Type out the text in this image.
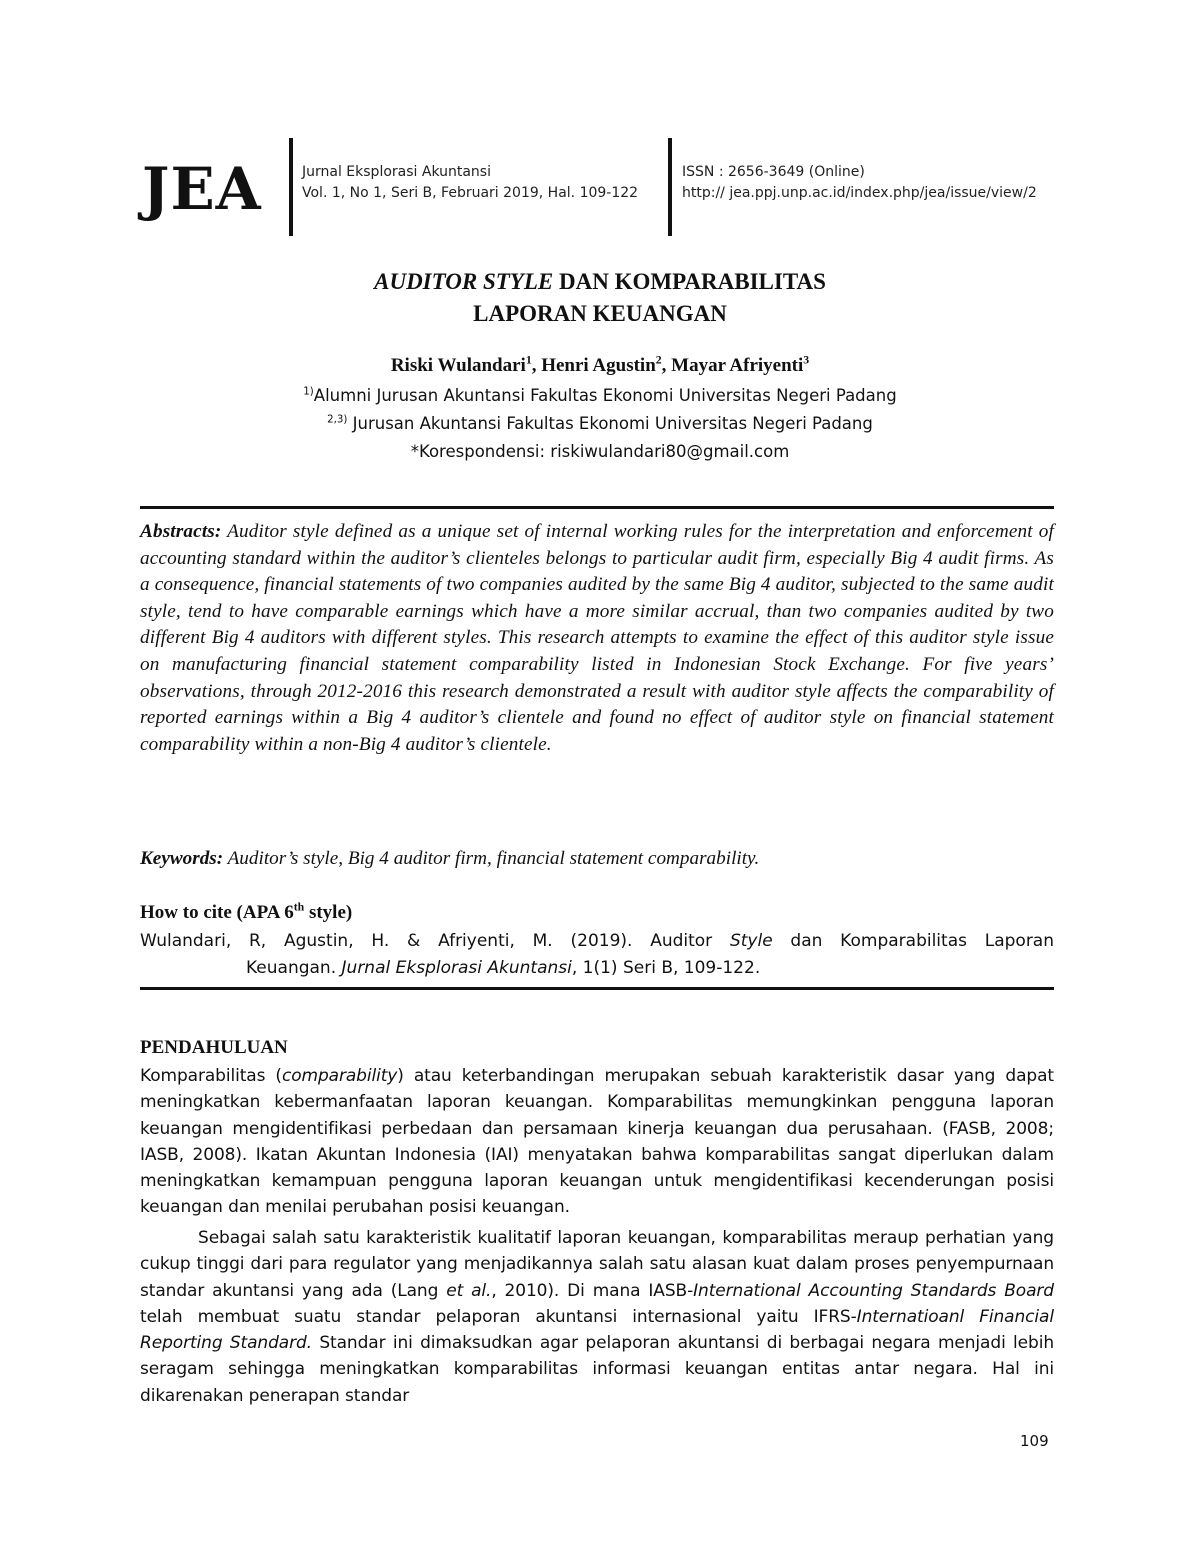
JEA	Jurnal Eksplorasi Akuntansi
Vol. 1, No 1, Seri B, Februari 2019, Hal. 109-122
ISSN : 2656-3649 (Online)
http:// jea.ppj.unp.ac.id/index.php/jea/issue/view/2
AUDITOR STYLE DAN KOMPARABILITAS
LAPORAN KEUANGAN
Riski Wulandari$^1$, Henri Agustin$^2$, Mayar Afriyenti$^3$
$^{1)}$Alumni Jurusan Akuntansi Fakultas Ekonomi Universitas Negeri Padang
$^{2,3)}$ Jurusan Akuntansi Fakultas Ekonomi Universitas Negeri Padang
*Korespondensi: riskiwulandari80@gmail.com
Abstracts: Auditor style defined as a unique set of internal working rules for the interpretation and enforcement of accounting standard within the auditor’s clienteles belongs to particular audit firm, especially Big 4 audit firms. As a consequence, financial statements of two companies audited by the same Big 4 auditor, subjected to the same audit style, tend to have comparable earnings which have a more similar accrual, than two companies audited by two different Big 4 auditors with different styles. This research attempts to examine the effect of this auditor style issue on manufacturing financial statement comparability listed in Indonesian Stock Exchange. For five years’ observations, through 2012-2016 this research demonstrated a result with auditor style affects the comparability of reported earnings within a Big 4 auditor’s clientele and found no effect of auditor style on financial statement comparability within a non-Big 4 auditor’s clientele.
Keywords: Auditor’s style, Big 4 auditor firm, financial statement comparability.
How to cite (APA 6th style)
Wulandari, R, Agustin, H. & Afriyenti, M. (2019). Auditor Style dan Komparabilitas Laporan
Keuangan. Jurnal Eksplorasi Akuntansi, 1(1) Seri B, 109-122.
PENDAHULUAN
Komparabilitas (comparability) atau keterbandingan merupakan sebuah karakteristik dasar yang dapat meningkatkan kebermanfaatan laporan keuangan. Komparabilitas memungkinkan pengguna laporan keuangan mengidentifikasi perbedaan dan persamaan kinerja keuangan dua perusahaan. (FASB, 2008; IASB, 2008). Ikatan Akuntan Indonesia (IAI) menyatakan bahwa komparabilitas sangat diperlukan dalam meningkatkan kemampuan pengguna laporan keuangan untuk mengidentifikasi kecenderungan posisi keuangan dan menilai perubahan posisi keuangan.
Sebagai salah satu karakteristik kualitatif laporan keuangan, komparabilitas meraup perhatian yang cukup tinggi dari para regulator yang menjadikannya salah satu alasan kuat dalam proses penyempurnaan standar akuntansi yang ada (Lang et al., 2010). Di mana IASB-International Accounting Standards Board telah membuat suatu standar pelaporan akuntansi internasional yaitu IFRS-Internatioanl Financial Reporting Standard. Standar ini dimaksudkan agar pelaporan akuntansi di berbagai negara menjadi lebih seragam sehingga meningkatkan komparabilitas informasi keuangan entitas antar negara. Hal ini dikarenakan penerapan standar
109
